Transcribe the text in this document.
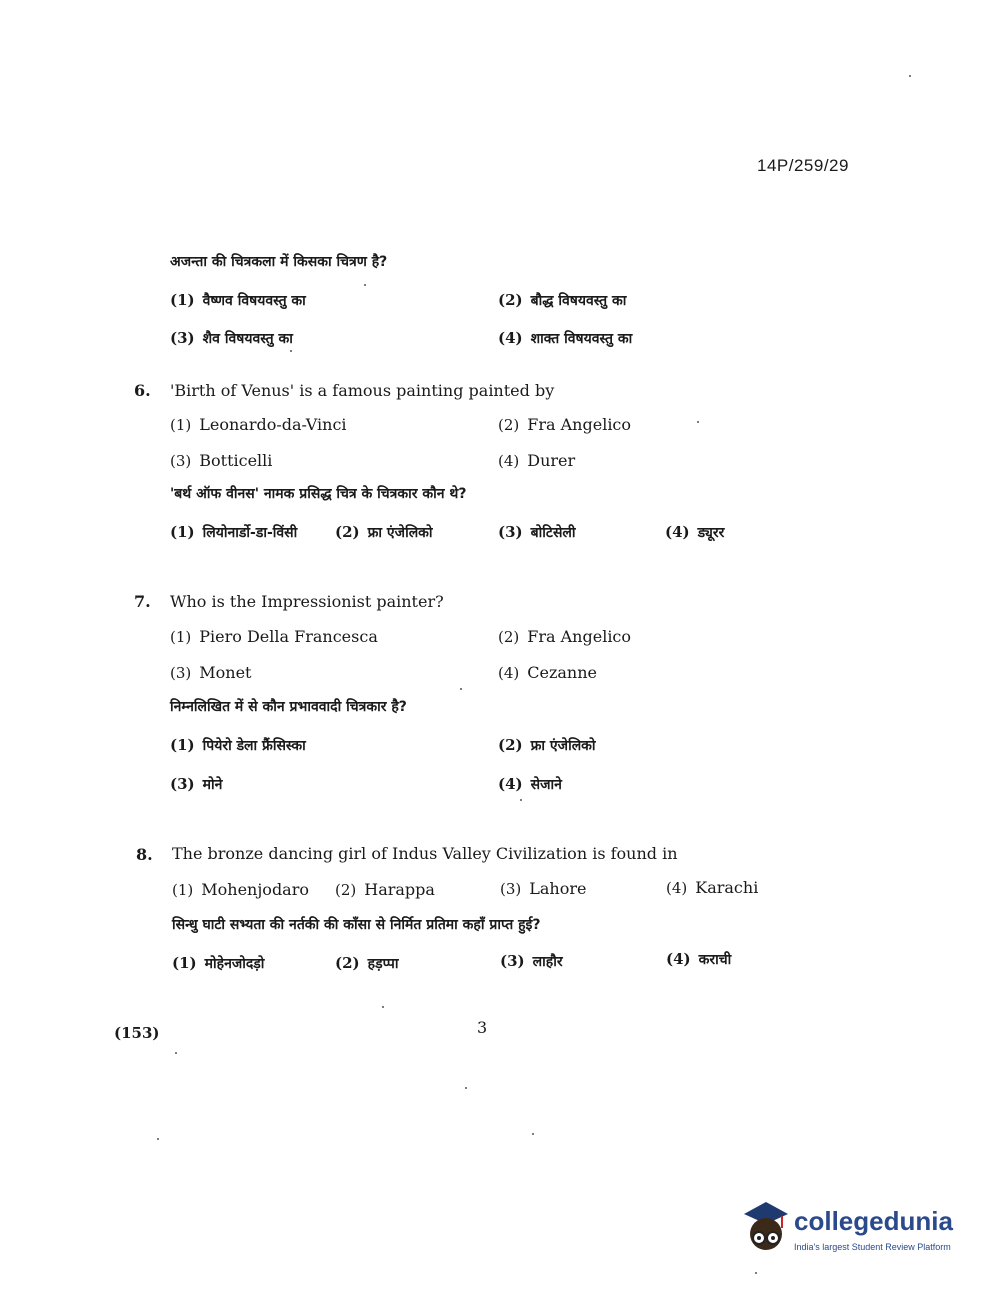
14P/259/29
अजन्ता की चित्रकला में किसका चित्रण है?
(1) वैष्णव विषयवस्तु का	(2) बौद्ध विषयवस्तु का
(3) शैव विषयवस्तु का	(4) शाक्त विषयवस्तु का
6. 'Birth of Venus' is a famous painting painted by
(1) Leonardo-da-Vinci	(2) Fra Angelico
(3) Botticelli	(4) Durer
'बर्थ ऑफ वीनस' नामक प्रसिद्ध चित्र के चित्रकार कौन थे?
(1) लियोनार्डो-डा-विंसी	(2) फ्रा एंजेलिको	(3) बोटिसेली	(4) ड्यूरर
7. Who is the Impressionist painter?
(1) Piero Della Francesca	(2) Fra Angelico
(3) Monet	(4) Cezanne
निम्नलिखित में से कौन प्रभाववादी चित्रकार है?
(1) पियेरो डेला फ्रैंसिस्का	(2) फ्रा एंजेलिको
(3) मोने	(4) सेजाने
8. The bronze dancing girl of Indus Valley Civilization is found in
(1) Mohenjodaro (2) Harappa	(3) Lahore	(4) Karachi
सिन्धु घाटी सभ्यता की नर्तकी की काँसा से निर्मित प्रतिमा कहाँ प्राप्त हुई?
(1) मोहेनजोदड़ो	(2) हड़प्पा	(3) लाहौर	(4) कराची
(153)	3
collegedunia
India's largest Student Review Platform
